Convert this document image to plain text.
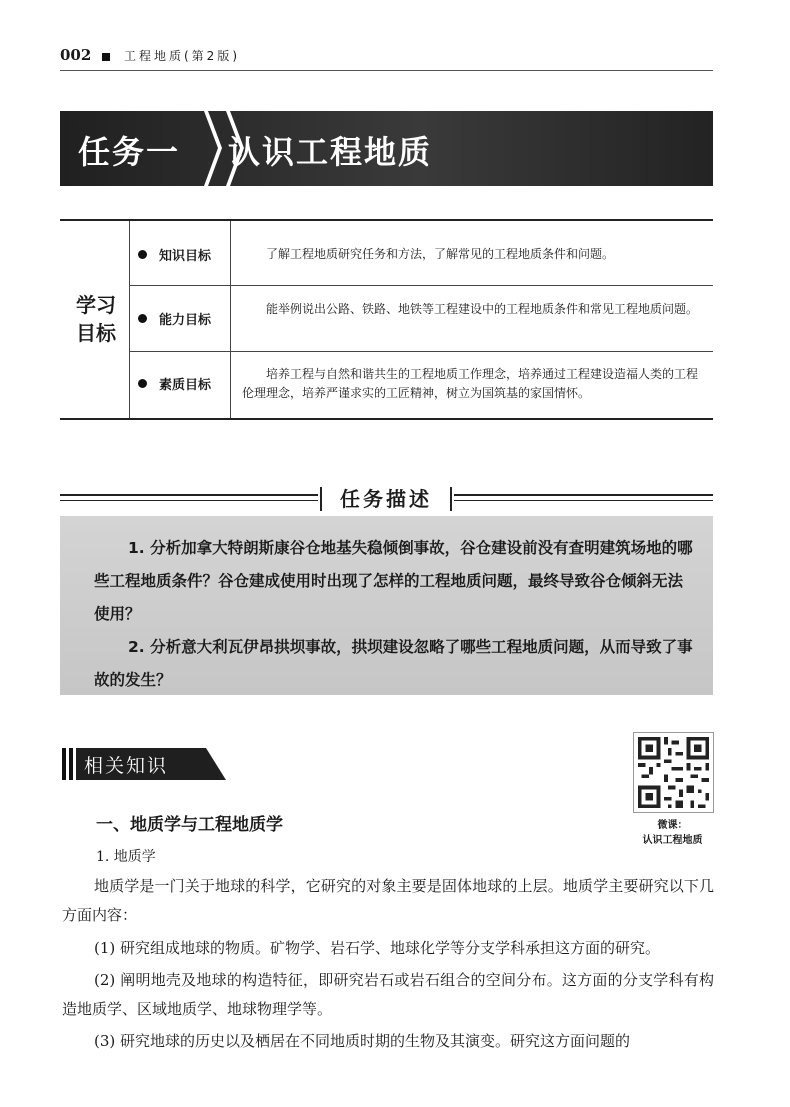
002	工程地质(第2版)
任务一 认识工程地质
学习
目标
知识目标	了解工程地质研究任务和方法，了解常见的工程地质条件和问题。
能力目标
能举例说出公路、铁路、地铁等工程建设中的工程地质条件和常见工程地质问题。
素质目标
培养工程与自然和谐共生的工程地质工作理念，培养通过工程建设造福人类的工程伦理理念，培养严谨求实的工匠精神，树立为国筑基的家国情怀。
任务描述
1. 分析加拿大特朗斯康谷仓地基失稳倾倒事故，谷仓建设前没有查明建筑场地的哪些工程地质条件？谷仓建成使用时出现了怎样的工程地质问题，最终导致谷仓倾斜无法使用？
2. 分析意大利瓦伊昂拱坝事故，拱坝建设忽略了哪些工程地质问题，从而导致了事故的发生？
相关知识
微课：
认识工程地质
一、地质学与工程地质学
1. 地质学
地质学是一门关于地球的科学，它研究的对象主要是固体地球的上层。地质学主要研究以下几方面内容：
(1) 研究组成地球的物质。矿物学、岩石学、地球化学等分支学科承担这方面的研究。
(2) 阐明地壳及地球的构造特征，即研究岩石或岩石组合的空间分布。这方面的分支学科有构造地质学、区域地质学、地球物理学等。
(3) 研究地球的历史以及栖居在不同地质时期的生物及其演变。研究这方面问题的
